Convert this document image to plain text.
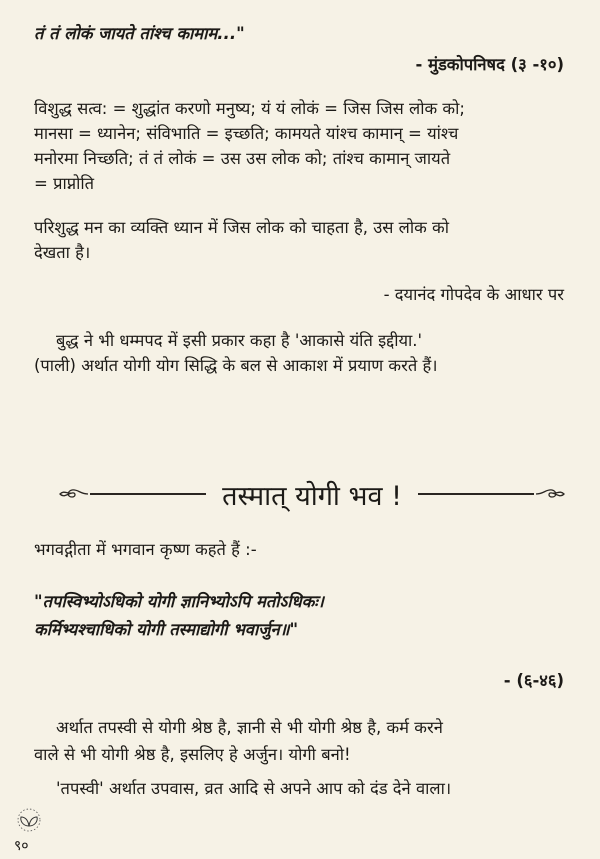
तं तं लोकं जायते तांश्च कामाम..."
- मुंडकोपनिषद (३ -१०)
विशुद्ध सत्व: = शुद्धांत करणो मनुष्य; यं यं लोकं = जिस जिस लोक को;
मानसा = ध्यानेन; संविभाति = इच्छति; कामयते यांश्च कामान् = यांश्च
मनोरमा निच्छति; तं तं लोकं = उस उस लोक को; तांश्च कामान् जायते
= प्राप्नोति
परिशुद्ध मन का व्यक्ति ध्यान में जिस लोक को चाहता है, उस लोक को
देखता है।
- दयानंद गोपदेव के आधार पर
बुद्ध ने भी धम्मपद में इसी प्रकार कहा है 'आकासे यंति इद्दीया.'
(पाली) अर्थात योगी योग सिद्धि के बल से आकाश में प्रयाण करते हैं।
तस्मात् योगी भव !
भगवद्गीता में भगवान कृष्ण कहते हैं :-
"तपस्विभ्योऽधिको योगी ज्ञानिभ्योऽपि मतोऽधिकः।
कर्मिभ्यश्चाधिको योगी तस्माद्योगी भवार्जुन॥"
- (६-४६)
अर्थात तपस्वी से योगी श्रेष्ठ है, ज्ञानी से भी योगी श्रेष्ठ है, कर्म करने
वाले से भी योगी श्रेष्ठ है, इसलिए हे अर्जुन। योगी बनो!
'तपस्वी' अर्थात उपवास, व्रत आदि से अपने आप को दंड देने वाला।
९०
